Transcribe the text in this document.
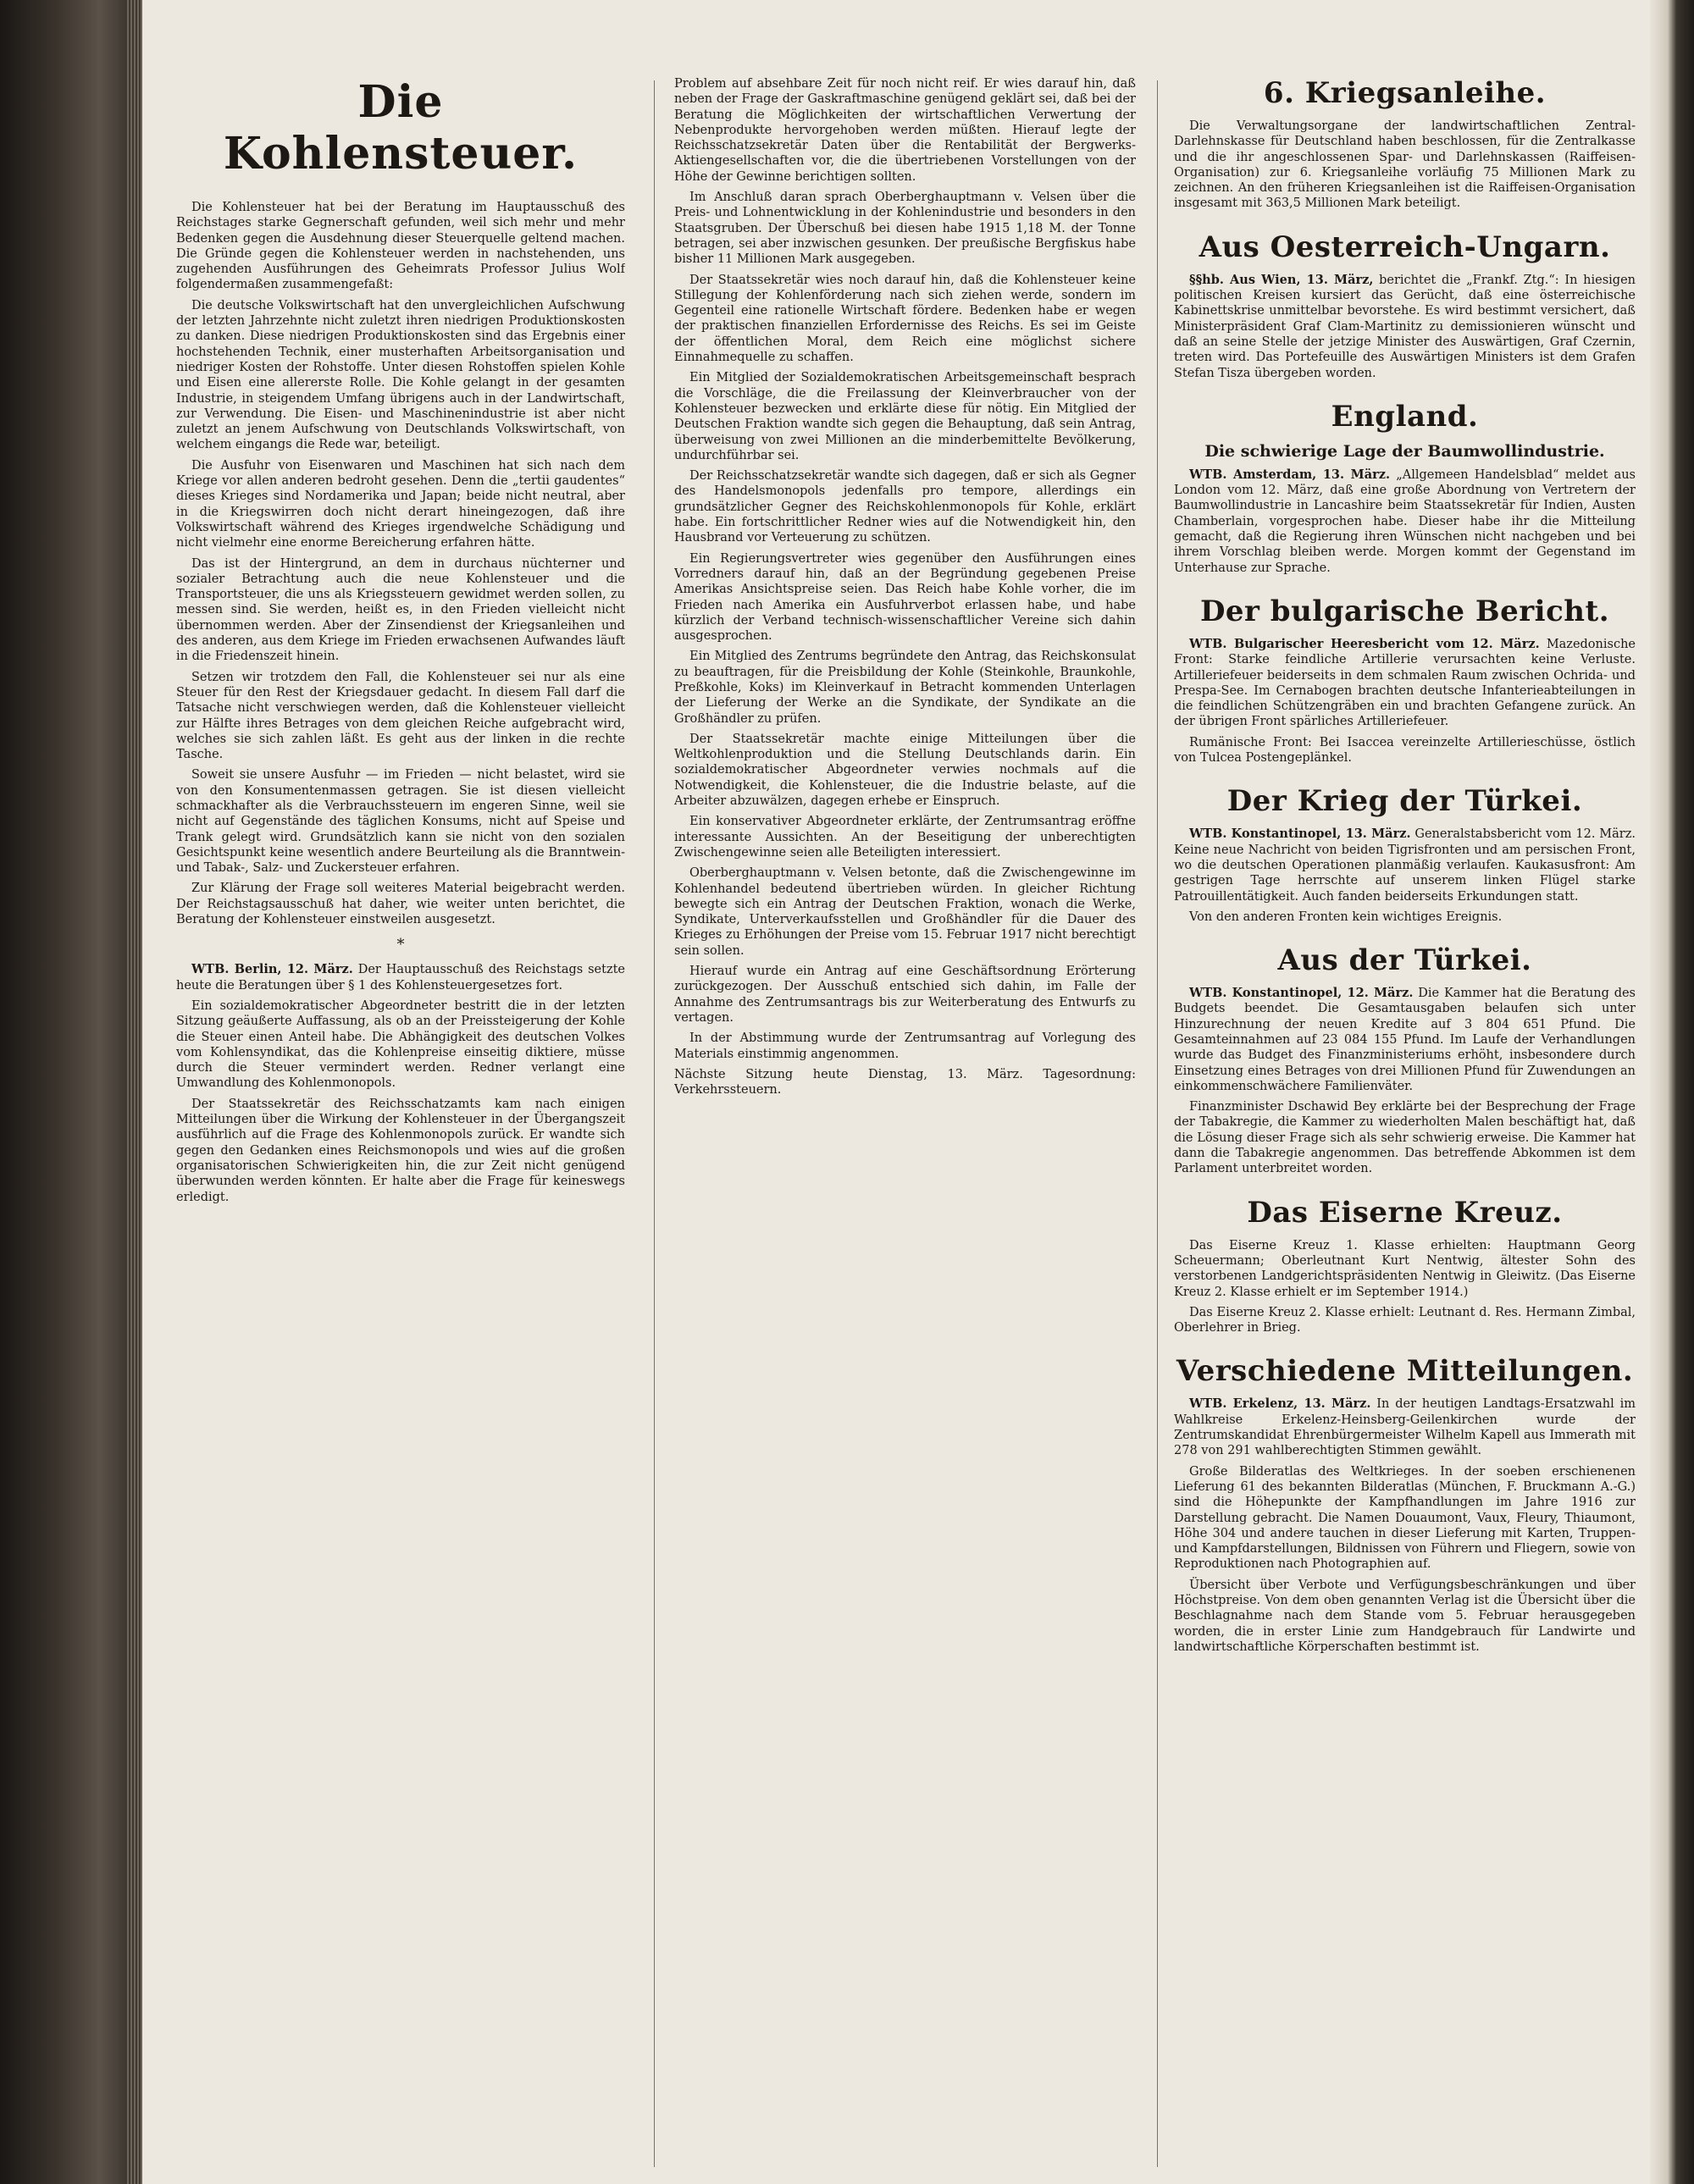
Die Kohlensteuer.

Die Kohlensteuer hat bei der Beratung im Hauptausschuß des Reichstages starke Gegnerschaft gefunden, weil sich mehr und mehr Bedenken gegen die Ausdehnung dieser Steuerquelle geltend machen. Die Gründe gegen die Kohlensteuer werden in nachstehenden, uns zugehenden Ausführungen des Geheimrats Professor Julius Wolf folgendermaßen zusammengefaßt:

Die deutsche Volkswirtschaft hat den unvergleichlichen Aufschwung der letzten Jahrzehnte nicht zuletzt ihren niedrigen Produktionskosten zu danken. Diese niedrigen Produktionskosten sind das Ergebnis einer hochstehenden Technik, einer musterhaften Arbeitsorganisation und niedriger Kosten der Rohstoffe. Unter diesen Rohstoffen spielen Kohle und Eisen eine allererste Rolle. Die Kohle gelangt in der gesamten Industrie, in steigendem Umfang übrigens auch in der Landwirtschaft, zur Verwendung. Die Eisen- und Maschinenindustrie ist aber nicht zuletzt an jenem Aufschwung von Deutschlands Volkswirtschaft, von welchem eingangs die Rede war, beteiligt.

Die Ausfuhr von Eisenwaren und Maschinen hat sich nach dem Kriege vor allen anderen bedroht gesehen. Denn die „tertii gaudentes“ dieses Krieges sind Nordamerika und Japan; beide nicht neutral, aber in die Kriegswirren doch nicht derart hineingezogen, daß ihre Volkswirtschaft während des Krieges irgendwelche Schädigung und nicht vielmehr eine enorme Bereicherung erfahren hätte.

Das ist der Hintergrund, an dem in durchaus nüchterner und sozialer Betrachtung auch die neue Kohlensteuer und die Transportsteuer, die uns als Kriegssteuern gewidmet werden sollen, zu messen sind. Sie werden, heißt es, in den Frieden vielleicht nicht übernommen werden. Aber der Zinsendienst der Kriegsanleihen und des anderen, aus dem Kriege im Frieden erwachsenen Aufwandes läuft in die Friedenszeit hinein.

Setzen wir trotzdem den Fall, die Kohlensteuer sei nur als eine Steuer für den Rest der Kriegsdauer gedacht. In diesem Fall darf die Tatsache nicht verschwiegen werden, daß die Kohlensteuer vielleicht zur Hälfte ihres Betrages von dem gleichen Reiche aufgebracht wird, welches sie sich zahlen läßt. Es geht aus der linken in die rechte Tasche.

Soweit sie unsere Ausfuhr — im Frieden — nicht belastet, wird sie von den Konsumentenmassen getragen. Sie ist diesen vielleicht schmackhafter als die Verbrauchssteuern im engeren Sinne, weil sie nicht auf Gegenstände des täglichen Konsums, nicht auf Speise und Trank gelegt wird. Grundsätzlich kann sie nicht von den sozialen Gesichtspunkt keine wesentlich andere Beurteilung als die Branntwein- und Tabak-, Salz- und Zuckersteuer erfahren.

Zur Klärung der Frage soll weiteres Material beigebracht werden. Der Reichstagsausschuß hat daher, wie weiter unten berichtet, die Beratung der Kohlensteuer einstweilen ausgesetzt.

*

WTB. Berlin, 12. März. Der Hauptausschuß des Reichstags setzte heute die Beratungen über § 1 des Kohlensteuergesetzes fort.

Ein sozialdemokratischer Abgeordneter bestritt die in der letzten Sitzung geäußerte Auffassung, als ob an der Preissteigerung der Kohle die Steuer einen Anteil habe. Die Abhängigkeit des deutschen Volkes vom Kohlensyndikat, das die Kohlenpreise einseitig diktiere, müsse durch die Steuer vermindert werden. Redner verlangt eine Umwandlung des Kohlenmonopols.

Der Staatssekretär des Reichsschatzamts kam nach einigen Mitteilungen über die Wirkung der Kohlensteuer in der Übergangszeit ausführlich auf die Frage des Kohlenmonopols zurück. Er wandte sich gegen den Gedanken eines Reichsmonopols und wies auf die großen organisatorischen Schwierigkeiten hin, die zur Zeit nicht genügend überwunden werden könnten. Er halte aber die Frage für keineswegs erledigt.

Problem auf absehbare Zeit für noch nicht reif. Er wies darauf hin, daß neben der Frage der Gaskraftmaschine genügend geklärt sei, daß bei der Beratung die Möglichkeiten der wirtschaftlichen Verwertung der Nebenprodukte hervorgehoben werden müßten. Hierauf legte der Reichsschatzsekretär Daten über die Rentabilität der Bergwerks-Aktiengesellschaften vor, die die übertriebenen Vorstellungen von der Höhe der Gewinne berichtigen sollten.

Im Anschluß daran sprach Oberberghauptmann v. Velsen über die Preis- und Lohnentwicklung in der Kohlenindustrie und besonders in den Staatsgruben. Der Überschuß bei diesen habe 1915 1,18 M. der Tonne betragen, sei aber inzwischen gesunken. Der preußische Bergfiskus habe bisher 11 Millionen Mark ausgegeben.

Der Staatssekretär wies noch darauf hin, daß die Kohlensteuer keine Stillegung der Kohlenförderung nach sich ziehen werde, sondern im Gegenteil eine rationelle Wirtschaft fördere. Bedenken habe er wegen der praktischen finanziellen Erfordernisse des Reichs. Es sei im Geiste der öffentlichen Moral, dem Reich eine möglichst sichere Einnahmequelle zu schaffen.

Ein Mitglied der Sozialdemokratischen Arbeitsgemeinschaft besprach die Vorschläge, die die Freilassung der Kleinverbraucher von der Kohlensteuer bezwecken und erklärte diese für nötig. Ein Mitglied der Deutschen Fraktion wandte sich gegen die Behauptung, daß sein Antrag, überweisung von zwei Millionen an die minderbemittelte Bevölkerung, undurchführbar sei.

Der Reichsschatzsekretär wandte sich dagegen, daß er sich als Gegner des Handelsmonopols jedenfalls pro tempore, allerdings ein grundsätzlicher Gegner des Reichskohlenmonopols für Kohle, erklärt habe. Ein fortschrittlicher Redner wies auf die Notwendigkeit hin, den Hausbrand vor Verteuerung zu schützen.

Ein Regierungsvertreter wies gegenüber den Ausführungen eines Vorredners darauf hin, daß an der Begründung gegebenen Preise Amerikas Ansichtspreise seien. Das Reich habe Kohle vorher, die im Frieden nach Amerika ein Ausfuhrverbot erlassen habe, und habe kürzlich der Verband technisch-wissenschaftlicher Vereine sich dahin ausgesprochen.

Ein Mitglied des Zentrums begründete den Antrag, das Reichskonsulat zu beauftragen, für die Preisbildung der Kohle (Steinkohle, Braunkohle, Preßkohle, Koks) im Kleinverkauf in Betracht kommenden Unterlagen der Lieferung der Werke an die Syndikate, der Syndikate an die Großhändler zu prüfen.

Der Staatssekretär machte einige Mitteilungen über die Weltkohlenproduktion und die Stellung Deutschlands darin. Ein sozialdemokratischer Abgeordneter verwies nochmals auf die Notwendigkeit, die Kohlensteuer, die die Industrie belaste, auf die Arbeiter abzuwälzen, dagegen erhebe er Einspruch.

Ein konservativer Abgeordneter erklärte, der Zentrumsantrag eröffne interessante Aussichten. An der Beseitigung der unberechtigten Zwischengewinne seien alle Beteiligten interessiert.

Oberberghauptmann v. Velsen betonte, daß die Zwischengewinne im Kohlenhandel bedeutend übertrieben würden. In gleicher Richtung bewegte sich ein Antrag der Deutschen Fraktion, wonach die Werke, Syndikate, Unterverkaufsstellen und Großhändler für die Dauer des Krieges zu Erhöhungen der Preise vom 15. Februar 1917 nicht berechtigt sein sollen.

Hierauf wurde ein Antrag auf eine Geschäftsordnung Erörterung zurückgezogen. Der Ausschuß entschied sich dahin, im Falle der Annahme des Zentrumsantrags bis zur Weiterberatung des Entwurfs zu vertagen.

In der Abstimmung wurde der Zentrumsantrag auf Vorlegung des Materials einstimmig angenommen.

Nächste Sitzung heute Dienstag, 13. März. Tagesordnung: Verkehrssteuern.

6. Kriegsanleihe.

Die Verwaltungsorgane der landwirtschaftlichen Zentral-Darlehnskasse für Deutschland haben beschlossen, für die Zentralkasse und die ihr angeschlossenen Spar- und Darlehnskassen (Raiffeisen-Organisation) zur 6. Kriegsanleihe vorläufig 75 Millionen Mark zu zeichnen. An den früheren Kriegsanleihen ist die Raiffeisen-Organisation insgesamt mit 363,5 Millionen Mark beteiligt.

Aus Oesterreich-Ungarn.

§§hb. Aus Wien, 13. März, berichtet die „Frankf. Ztg.“: In hiesigen politischen Kreisen kursiert das Gerücht, daß eine österreichische Kabinettskrise unmittelbar bevorstehe. Es wird bestimmt versichert, daß Ministerpräsident Graf Clam-Martinitz zu demissionieren wünscht und daß an seine Stelle der jetzige Minister des Auswärtigen, Graf Czernin, treten wird. Das Portefeuille des Auswärtigen Ministers ist dem Grafen Stefan Tisza übergeben worden.

England.
Die schwierige Lage der Baumwollindustrie.

WTB. Amsterdam, 13. März. „Allgemeen Handelsblad“ meldet aus London vom 12. März, daß eine große Abordnung von Vertretern der Baumwollindustrie in Lancashire beim Staatssekretär für Indien, Austen Chamberlain, vorgesprochen habe. Dieser habe ihr die Mitteilung gemacht, daß die Regierung ihren Wünschen nicht nachgeben und bei ihrem Vorschlag bleiben werde. Morgen kommt der Gegenstand im Unterhause zur Sprache.

Der bulgarische Bericht.

WTB. Bulgarischer Heeresbericht vom 12. März. Mazedonische Front: Starke feindliche Artillerie verursachten keine Verluste. Artilleriefeuer beiderseits in dem schmalen Raum zwischen Ochrida- und Prespa-See. Im Cernabogen brachten deutsche Infanterieabteilungen in die feindlichen Schützengräben ein und brachten Gefangene zurück. An der übrigen Front spärliches Artilleriefeuer.

Rumänische Front: Bei Isaccea vereinzelte Artillerieschüsse, östlich von Tulcea Postengeplänkel.

Der Krieg der Türkei.

WTB. Konstantinopel, 13. März. Generalstabsbericht vom 12. März. Keine neue Nachricht von beiden Tigrisfronten und am persischen Front, wo die deutschen Operationen planmäßig verlaufen. Kaukasusfront: Am gestrigen Tage herrschte auf unserem linken Flügel starke Patrouillentätigkeit. Auch fanden beiderseits Erkundungen statt.

Von den anderen Fronten kein wichtiges Ereignis.

Aus der Türkei.

WTB. Konstantinopel, 12. März. Die Kammer hat die Beratung des Budgets beendet. Die Gesamtausgaben belaufen sich unter Hinzurechnung der neuen Kredite auf 3 804 651 Pfund. Die Gesamteinnahmen auf 23 084 155 Pfund. Im Laufe der Verhandlungen wurde das Budget des Finanzministeriums erhöht, insbesondere durch Einsetzung eines Betrages von drei Millionen Pfund für Zuwendungen an einkommenschwächere Familienväter.

Finanzminister Dschawid Bey erklärte bei der Besprechung der Frage der Tabakregie, die Kammer zu wiederholten Malen beschäftigt hat, daß die Lösung dieser Frage sich als sehr schwierig erweise. Die Kammer hat dann die Tabakregie angenommen. Das betreffende Abkommen ist dem Parlament unterbreitet worden.

Das Eiserne Kreuz.

Das Eiserne Kreuz 1. Klasse erhielten: Hauptmann Georg Scheuermann; Oberleutnant Kurt Nentwig, ältester Sohn des verstorbenen Landgerichtspräsidenten Nentwig in Gleiwitz. (Das Eiserne Kreuz 2. Klasse erhielt er im September 1914.)

Das Eiserne Kreuz 2. Klasse erhielt: Leutnant d. Res. Hermann Zimbal, Oberlehrer in Brieg.

Verschiedene Mitteilungen.

WTB. Erkelenz, 13. März. In der heutigen Landtags-Ersatzwahl im Wahlkreise Erkelenz-Heinsberg-Geilenkirchen wurde der Zentrumskandidat Ehrenbürgermeister Wilhelm Kapell aus Immerath mit 278 von 291 wahlberechtigten Stimmen gewählt.

Große Bilderatlas des Weltkrieges. In der soeben erschienenen Lieferung 61 des bekannten Bilderatlas (München, F. Bruckmann A.-G.) sind die Höhepunkte der Kampfhandlungen im Jahre 1916 zur Darstellung gebracht. Die Namen Douaumont, Vaux, Fleury, Thiaumont, Höhe 304 und andere tauchen in dieser Lieferung mit Karten, Truppen- und Kampfdarstellungen, Bildnissen von Führern und Fliegern, sowie von Reproduktionen nach Photographien auf.

Übersicht über Verbote und Verfügungsbeschränkungen und über Höchstpreise. Von dem oben genannten Verlag ist die Übersicht über die Beschlagnahme nach dem Stande vom 5. Februar herausgegeben worden, die in erster Linie zum Handgebrauch für Landwirte und landwirtschaftliche Körperschaften bestimmt ist.
